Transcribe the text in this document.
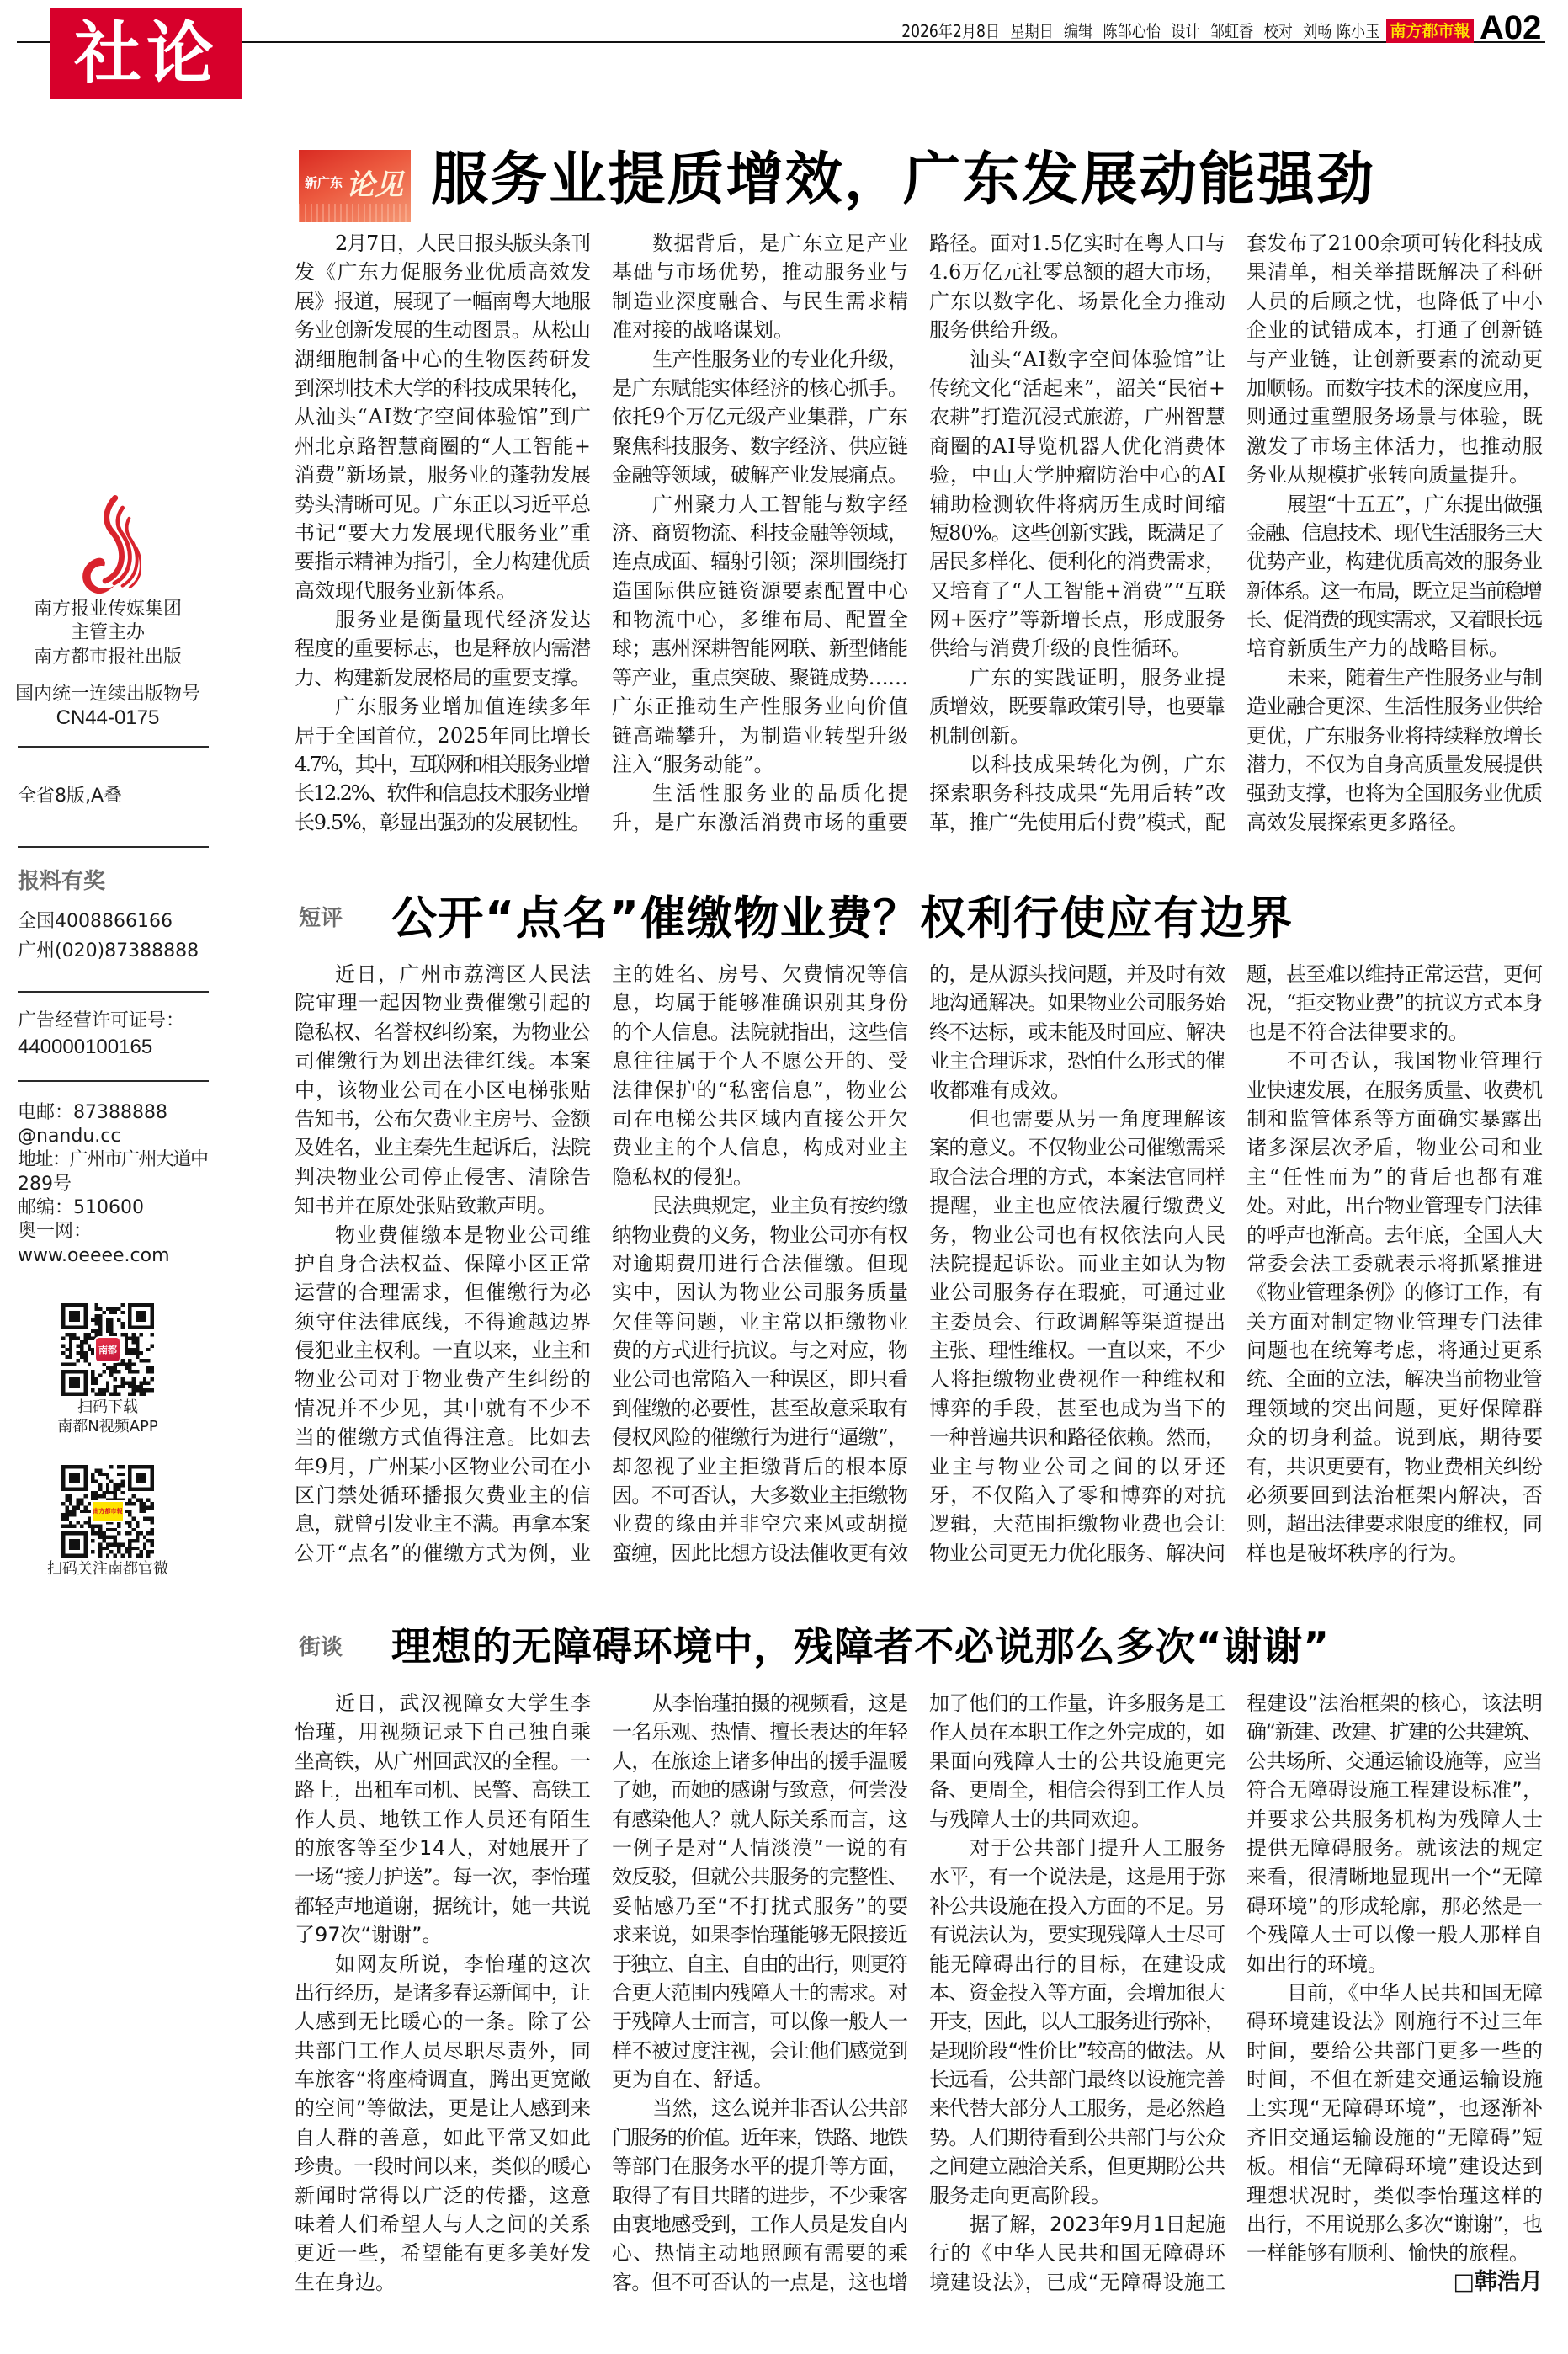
社论	2026年2月8日 星期日 编辑 陈邹心怡 设计 邹虹香 校对 刘畅 陈小玉 南方都市報 A02
南方报业传媒集团
主管主办
南方都市报社出版
国内统一连续出版物号
CN44-0175
全省8版,A叠
报料有奖
全国4008866166
广州(020)87388888
广告经营许可证号：
440000100165
电邮：87388888
@nandu.cc
地址：广州市广州大道中
289号
邮编：510600
奥一网：
www.oeeee.com
南都
扫码下载
南都N视频APP
南方都市報
扫码关注南都官微
新广东 论见 服务业提质增效，广东发展动能强劲
2月7日，人民日报头版头条刊
发《广东力促服务业优质高效发
展》报道，展现了一幅南粤大地服
务业创新发展的生动图景。从松山
湖细胞制备中心的生物医药研发
到深圳技术大学的科技成果转化，
从汕头“AI数字空间体验馆”到广
州北京路智慧商圈的“人工智能+
消费”新场景，服务业的蓬勃发展
势头清晰可见。广东正以习近平总
书记“要大力发展现代服务业”重
要指示精神为指引，全力构建优质
高效现代服务业新体系。
服务业是衡量现代经济发达
程度的重要标志，也是释放内需潜
力、构建新发展格局的重要支撑。
广东服务业增加值连续多年
居于全国首位，2025年同比增长
4.7%，其中，互联网和相关服务业增
长12.2%、软件和信息技术服务业增
长9.5%，彰显出强劲的发展韧性。
数据背后，是广东立足产业
基础与市场优势，推动服务业与
制造业深度融合、与民生需求精
准对接的战略谋划。
生产性服务业的专业化升级，
是广东赋能实体经济的核心抓手。
依托9个万亿元级产业集群，广东
聚焦科技服务、数字经济、供应链
金融等领域，破解产业发展痛点。
广州聚力人工智能与数字经
济、商贸物流、科技金融等领域，
连点成面、辐射引领；深圳围绕打
造国际供应链资源要素配置中心
和物流中心，多维布局、配置全
球；惠州深耕智能网联、新型储能
等产业，重点突破、聚链成势……
广东正推动生产性服务业向价值
链高端攀升，为制造业转型升级
注入“服务动能”。
生活性服务业的品质化提
升，是广东激活消费市场的重要
路径。面对1.5亿实时在粤人口与
4.6万亿元社零总额的超大市场，
广东以数字化、场景化全力推动
服务供给升级。
汕头“AI数字空间体验馆”让
传统文化“活起来”，韶关“民宿+
农耕”打造沉浸式旅游，广州智慧
商圈的AI导览机器人优化消费体
验，中山大学肿瘤防治中心的AI
辅助检测软件将病历生成时间缩
短80%。这些创新实践，既满足了
居民多样化、便利化的消费需求，
又培育了“人工智能+消费”“互联
网+医疗”等新增长点，形成服务
供给与消费升级的良性循环。
广东的实践证明，服务业提
质增效，既要靠政策引导，也要靠
机制创新。
以科技成果转化为例，广东
探索职务科技成果“先用后转”改
革，推广“先使用后付费”模式，配
套发布了2100余项可转化科技成
果清单，相关举措既解决了科研
人员的后顾之忧，也降低了中小
企业的试错成本，打通了创新链
与产业链，让创新要素的流动更
加顺畅。而数字技术的深度应用，
则通过重塑服务场景与体验，既
激发了市场主体活力，也推动服
务业从规模扩张转向质量提升。
展望“十五五”，广东提出做强
金融、信息技术、现代生活服务三大
优势产业，构建优质高效的服务业
新体系。这一布局，既立足当前稳增
长、促消费的现实需求，又着眼长远
培育新质生产力的战略目标。
未来，随着生产性服务业与制
造业融合更深、生活性服务业供给
更优，广东服务业将持续释放增长
潜力，不仅为自身高质量发展提供
强劲支撑，也将为全国服务业优质
高效发展探索更多路径。
短评 公开“点名”催缴物业费？权利行使应有边界
近日，广州市荔湾区人民法
院审理一起因物业费催缴引起的
隐私权、名誉权纠纷案，为物业公
司催缴行为划出法律红线。本案
中，该物业公司在小区电梯张贴
告知书，公布欠费业主房号、金额
及姓名，业主秦先生起诉后，法院
判决物业公司停止侵害、清除告
知书并在原处张贴致歉声明。
物业费催缴本是物业公司维
护自身合法权益、保障小区正常
运营的合理需求，但催缴行为必
须守住法律底线，不得逾越边界
侵犯业主权利。一直以来，业主和
物业公司对于物业费产生纠纷的
情况并不少见，其中就有不少不
当的催缴方式值得注意。比如去
年9月，广州某小区物业公司在小
区门禁处循环播报欠费业主的信
息，就曾引发业主不满。再拿本案
公开“点名”的催缴方式为例，业
主的姓名、房号、欠费情况等信
息，均属于能够准确识别其身份
的个人信息。法院就指出，这些信
息往往属于个人不愿公开的、受
法律保护的“私密信息”，物业公
司在电梯公共区域内直接公开欠
费业主的个人信息，构成对业主
隐私权的侵犯。
民法典规定，业主负有按约缴
纳物业费的义务，物业公司亦有权
对逾期费用进行合法催缴。但现
实中，因认为物业公司服务质量
欠佳等问题，业主常以拒缴物业
费的方式进行抗议。与之对应，物
业公司也常陷入一种误区，即只看
到催缴的必要性，甚至故意采取有
侵权风险的催缴行为进行“逼缴”，
却忽视了业主拒缴背后的根本原
因。不可否认，大多数业主拒缴物
业费的缘由并非空穴来风或胡搅
蛮缠，因此比想方设法催收更有效
的，是从源头找问题，并及时有效
地沟通解决。如果物业公司服务始
终不达标，或未能及时回应、解决
业主合理诉求，恐怕什么形式的催
收都难有成效。
但也需要从另一角度理解该
案的意义。不仅物业公司催缴需采
取合法合理的方式，本案法官同样
提醒，业主也应依法履行缴费义
务，物业公司也有权依法向人民
法院提起诉讼。而业主如认为物
业公司服务存在瑕疵，可通过业
主委员会、行政调解等渠道提出
主张、理性维权。一直以来，不少
人将拒缴物业费视作一种维权和
博弈的手段，甚至也成为当下的
一种普遍共识和路径依赖。然而，
业主与物业公司之间的以牙还
牙，不仅陷入了零和博弈的对抗
逻辑，大范围拒缴物业费也会让
物业公司更无力优化服务、解决问
题，甚至难以维持正常运营，更何
况，“拒交物业费”的抗议方式本身
也是不符合法律要求的。
不可否认，我国物业管理行
业快速发展，在服务质量、收费机
制和监管体系等方面确实暴露出
诸多深层次矛盾，物业公司和业
主“任性而为”的背后也都有难
处。对此，出台物业管理专门法律
的呼声也渐高。去年底，全国人大
常委会法工委就表示将抓紧推进
《物业管理条例》的修订工作，有
关方面对制定物业管理专门法律
问题也在统筹考虑，将通过更系
统、全面的立法，解决当前物业管
理领域的突出问题，更好保障群
众的切身利益。说到底，期待要
有，共识更要有，物业费相关纠纷
必须要回到法治框架内解决，否
则，超出法律要求限度的维权，同
样也是破坏秩序的行为。
街谈 理想的无障碍环境中，残障者不必说那么多次“谢谢”
近日，武汉视障女大学生李
怡瑾，用视频记录下自己独自乘
坐高铁，从广州回武汉的全程。一
路上，出租车司机、民警、高铁工
作人员、地铁工作人员还有陌生
的旅客等至少14人，对她展开了
一场“接力护送”。每一次，李怡瑾
都轻声地道谢，据统计，她一共说
了97次“谢谢”。
如网友所说，李怡瑾的这次
出行经历，是诸多春运新闻中，让
人感到无比暖心的一条。除了公
共部门工作人员尽职尽责外，同
车旅客“将座椅调直，腾出更宽敞
的空间”等做法，更是让人感到来
自人群的善意，如此平常又如此
珍贵。一段时间以来，类似的暖心
新闻时常得以广泛的传播，这意
味着人们希望人与人之间的关系
更近一些，希望能有更多美好发
生在身边。
从李怡瑾拍摄的视频看，这是
一名乐观、热情、擅长表达的年轻
人，在旅途上诸多伸出的援手温暖
了她，而她的感谢与致意，何尝没
有感染他人？就人际关系而言，这
一例子是对“人情淡漠”一说的有
效反驳，但就公共服务的完整性、
妥帖感乃至“不打扰式服务”的要
求来说，如果李怡瑾能够无限接近
于独立、自主、自由的出行，则更符
合更大范围内残障人士的需求。对
于残障人士而言，可以像一般人一
样不被过度注视，会让他们感觉到
更为自在、舒适。
当然，这么说并非否认公共部
门服务的价值。近年来，铁路、地铁
等部门在服务水平的提升等方面，
取得了有目共睹的进步，不少乘客
由衷地感受到，工作人员是发自内
心、热情主动地照顾有需要的乘
客。但不可否认的一点是，这也增
加了他们的工作量，许多服务是工
作人员在本职工作之外完成的，如
果面向残障人士的公共设施更完
备、更周全，相信会得到工作人员
与残障人士的共同欢迎。
对于公共部门提升人工服务
水平，有一个说法是，这是用于弥
补公共设施在投入方面的不足。另
有说法认为，要实现残障人士尽可
能无障碍出行的目标，在建设成
本、资金投入等方面，会增加很大
开支，因此，以人工服务进行弥补，
是现阶段“性价比”较高的做法。从
长远看，公共部门最终以设施完善
来代替大部分人工服务，是必然趋
势。人们期待看到公共部门与公众
之间建立融洽关系，但更期盼公共
服务走向更高阶段。
据了解，2023年9月1日起施
行的《中华人民共和国无障碍环
境建设法》，已成“无障碍设施工
程建设”法治框架的核心，该法明
确“新建、改建、扩建的公共建筑、
公共场所、交通运输设施等，应当
符合无障碍设施工程建设标准”，
并要求公共服务机构为残障人士
提供无障碍服务。就该法的规定
来看，很清晰地显现出一个“无障
碍环境”的形成轮廓，那必然是一
个残障人士可以像一般人那样自
如出行的环境。
目前，《中华人民共和国无障
碍环境建设法》刚施行不过三年
时间，要给公共部门更多一些的
时间，不但在新建交通运输设施
上实现“无障碍环境”，也逐渐补
齐旧交通运输设施的“无障碍”短
板。相信“无障碍环境”建设达到
理想状况时，类似李怡瑾这样的
出行，不用说那么多次“谢谢”，也
一样能够有顺利、愉快的旅程。
□韩浩月
